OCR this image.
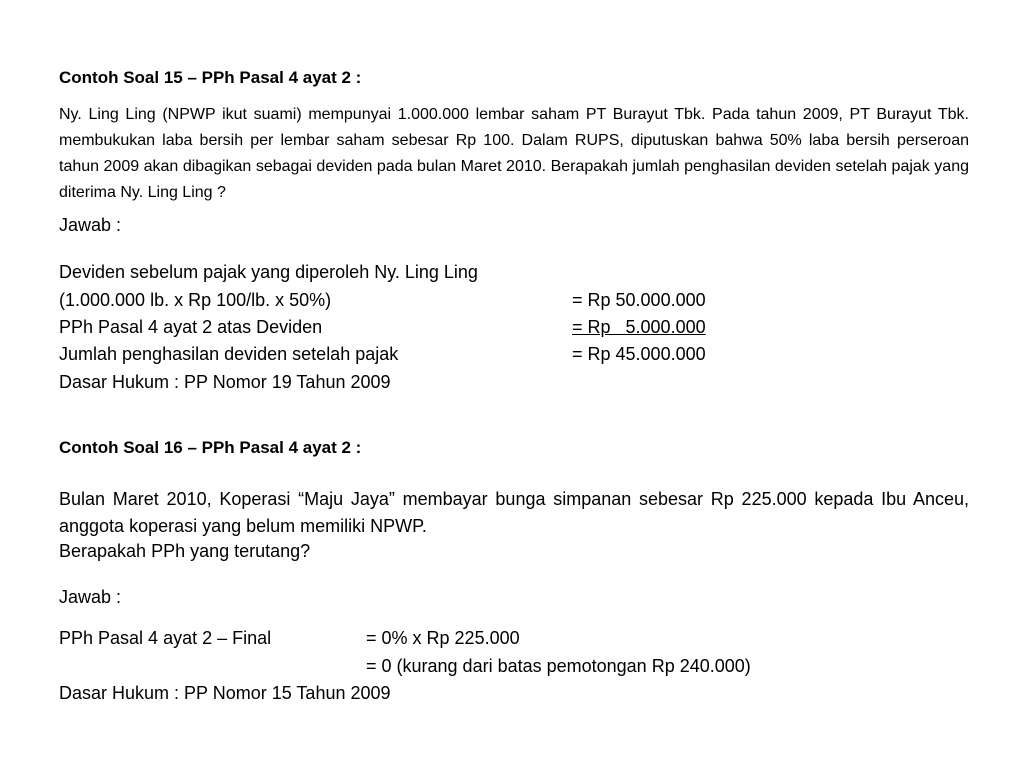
Contoh Soal 15 – PPh Pasal 4 ayat 2 :
Ny. Ling Ling (NPWP ikut suami) mempunyai 1.000.000 lembar saham PT Burayut Tbk. Pada tahun 2009, PT Burayut Tbk. membukukan laba bersih per lembar saham sebesar Rp 100. Dalam RUPS, diputuskan bahwa 50% laba bersih perseroan tahun 2009 akan dibagikan sebagai deviden pada bulan Maret 2010. Berapakah jumlah penghasilan deviden setelah pajak yang diterima Ny. Ling Ling ?
Jawab :
Deviden sebelum pajak yang diperoleh Ny. Ling Ling
(1.000.000 lb. x Rp 100/lb. x 50%)	= Rp 50.000.000
PPh Pasal 4 ayat 2 atas Deviden	= Rp   5.000.000
Jumlah penghasilan deviden setelah pajak	= Rp 45.000.000
Dasar Hukum : PP Nomor 19 Tahun 2009
Contoh Soal 16 – PPh Pasal 4 ayat 2 :
Bulan Maret 2010, Koperasi “Maju Jaya” membayar bunga simpanan sebesar Rp 225.000 kepada Ibu Anceu, anggota koperasi yang belum memiliki NPWP.
Berapakah PPh yang terutang?
Jawab :
PPh Pasal 4 ayat 2 – Final	= 0% x Rp 225.000
= 0 (kurang dari batas pemotongan Rp 240.000)
Dasar Hukum : PP Nomor 15 Tahun 2009
